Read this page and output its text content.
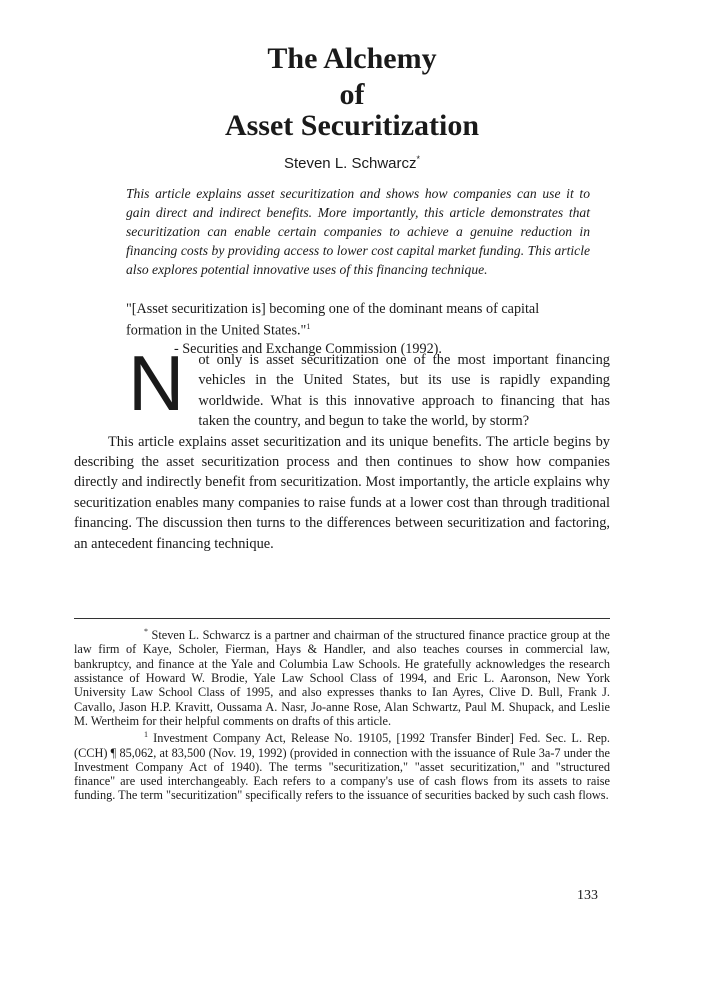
The Alchemy
of
Asset Securitization
Steven L. Schwarcz*

This article explains asset securitization and shows how companies can use it to gain direct and indirect benefits. More importantly, this article demonstrates that securitization can enable certain companies to achieve a genuine reduction in financing costs by providing access to lower cost capital market funding. This article also explores potential innovative uses of this financing technique.

"[Asset securitization is] becoming one of the dominant means of capital formation in the United States."$^1$
- Securities and Exchange Commission (1992).

Not only is asset securitization one of the most important financing vehicles in the United States, but its use is rapidly expanding worldwide. What is this innovative approach to financing that has taken the country, and begun to take the world, by storm?

This article explains asset securitization and its unique benefits. The article begins by describing the asset securitization process and then continues to show how companies directly and indirectly benefit from securitization. Most importantly, the article explains why securitization enables many companies to raise funds at a lower cost than through traditional financing. The discussion then turns to the differences between securitization and factoring, an antecedent financing technique.

* Steven L. Schwarcz is a partner and chairman of the structured finance practice group at the law firm of Kaye, Scholer, Fierman, Hays & Handler, and also teaches courses in commercial law, bankruptcy, and finance at the Yale and Columbia Law Schools. He gratefully acknowledges the research assistance of Howard W. Brodie, Yale Law School Class of 1994, and Eric L. Aaronson, New York University Law School Class of 1995, and also expresses thanks to Ian Ayres, Clive D. Bull, Frank J. Cavallo, Jason H.P. Kravitt, Oussama A. Nasr, Jo-anne Rose, Alan Schwartz, Paul M. Shupack, and Leslie M. Wertheim for their helpful comments on drafts of this article.

$^1$ Investment Company Act, Release No. 19105, [1992 Transfer Binder] Fed. Sec. L. Rep. (CCH) ¶ 85,062, at 83,500 (Nov. 19, 1992) (provided in connection with the issuance of Rule 3a-7 under the Investment Company Act of 1940). The terms "securitization," "asset securitization," and "structured finance" are used interchangeably. Each refers to a company's use of cash flows from its assets to raise funding. The term "securitization" specifically refers to the issuance of securities backed by such cash flows.

133
